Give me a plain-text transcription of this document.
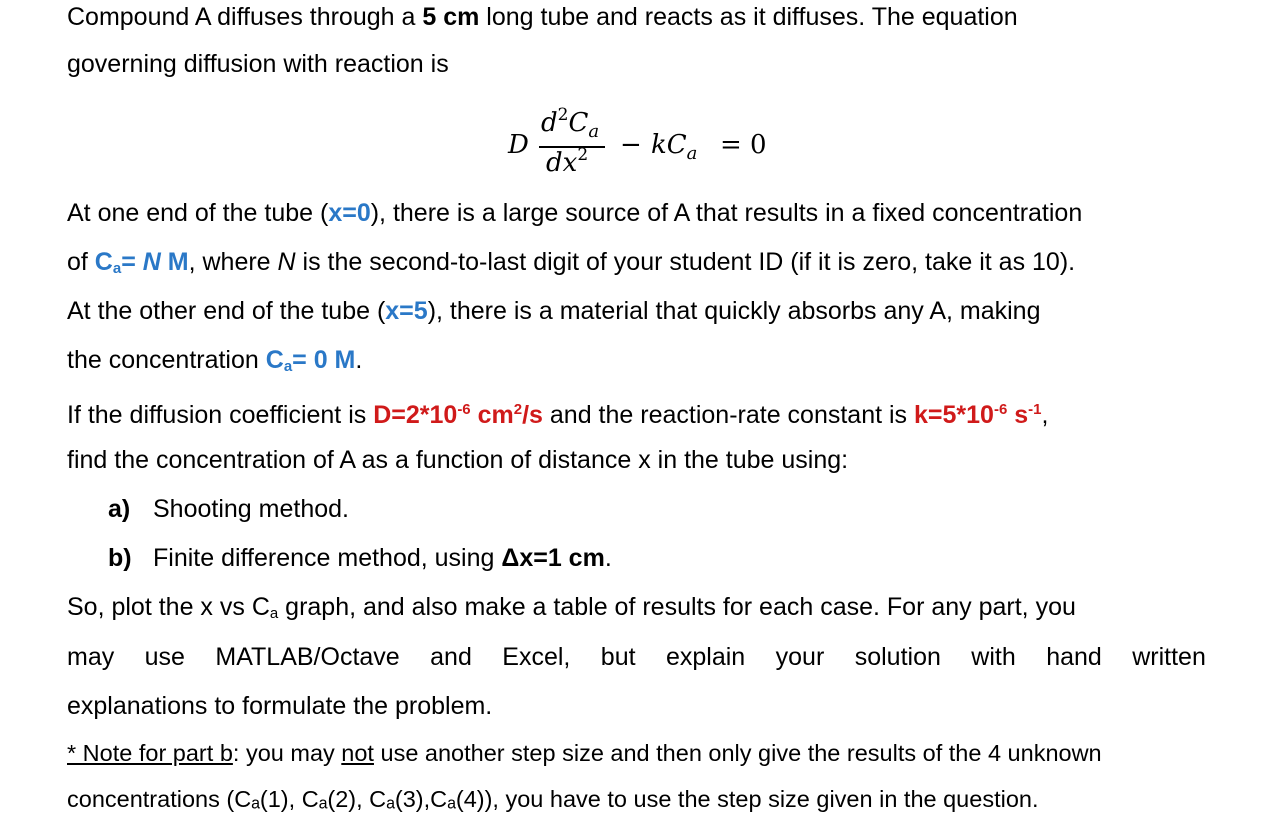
Compound A diffuses through a 5 cm long tube and reacts as it diffuses. The equation
governing diffusion with reaction is
D
$d^2C_a$
$dx^2 - kC_a = 0$
At one end of the tube (x=0), there is a large source of A that results in a fixed concentration
of $C_a= N$ M, where N is the second-to-last digit of your student ID (if it is zero, take it as 10).
At the other end of the tube (x=5), there is a material that quickly absorbs any A, making
the concentration $C_a= 0$ M.
If the diffusion coefficient is $D=2*10^{-6}$ $cm^2/s$ and the reaction-rate constant is $k=5*10^{-6}$ $s^{-1}$,
find the concentration of A as a function of distance x in the tube using:
a) Shooting method.
b) Finite difference method, using Δx=1 cm.
So, plot the x vs $C_a$ graph, and also make a table of results for each case. For any part, you
may use MATLAB/Octave and Excel, but explain your solution with hand written
explanations to formulate the problem.
* Note for part b: you may not use another step size and then only give the results of the 4 unknown
concentrations (Cₐ(1), Cₐ(2), Cₐ(3),Cₐ(4)), you have to use the step size given in the question.
